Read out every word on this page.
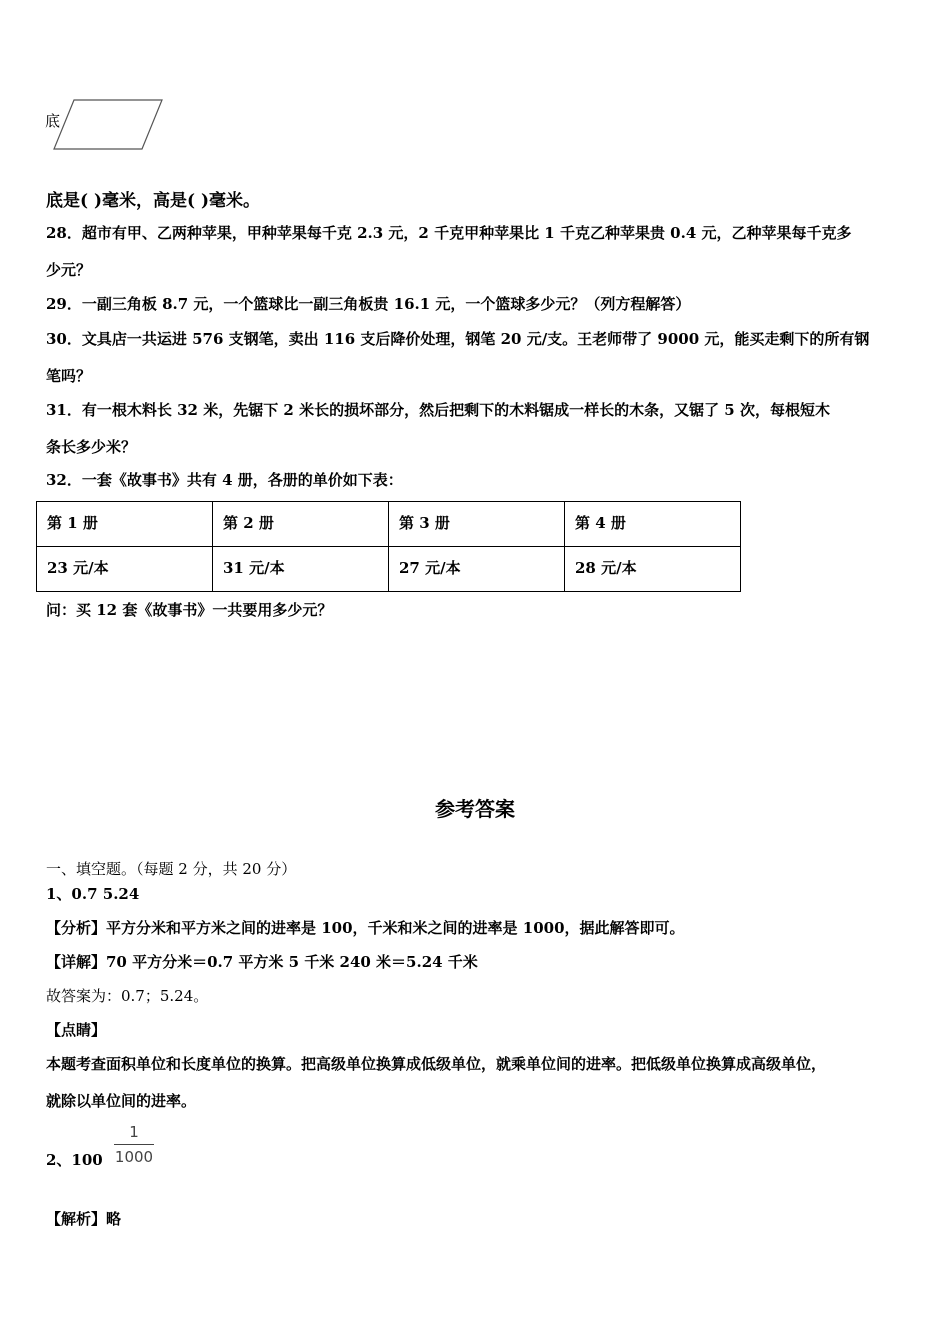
底
底是( )毫米，高是( )毫米。
28．超市有甲、乙两种苹果，甲种苹果每千克 2.3 元，2 千克甲种苹果比 1 千克乙种苹果贵 0.4 元，乙种苹果每千克多
少元？
29．一副三角板 8.7 元，一个篮球比一副三角板贵 16.1 元，一个篮球多少元？（列方程解答）
30．文具店一共运进 576 支钢笔，卖出 116 支后降价处理，钢笔 20 元/支。王老师带了 9000 元，能买走剩下的所有钢
笔吗？
31．有一根木料长 32 米，先锯下 2 米长的损坏部分，然后把剩下的木料锯成一样长的木条，又锯了 5 次，每根短木
条长多少米？
32．一套《故事书》共有 4 册，各册的单价如下表：
第 1 册	第 2 册	第 3 册	第 4 册
23 元/本	31 元/本	27 元/本	28 元/本
问：买 12 套《故事书》一共要用多少元？
参考答案
一、填空题。（每题 2 分，共 20 分）
1、0.7 5.24
【分析】平方分米和平方米之间的进率是 100，千米和米之间的进率是 1000，据此解答即可。
【详解】70 平方分米＝0.7 平方米 5 千米 240 米＝5.24 千米
故答案为：0.7；5.24。
【点睛】
本题考查面积单位和长度单位的换算。把高级单位换算成低级单位，就乘单位间的进率。把低级单位换算成高级单位，
就除以单位间的进率。
2、100
1
1000
【解析】略
